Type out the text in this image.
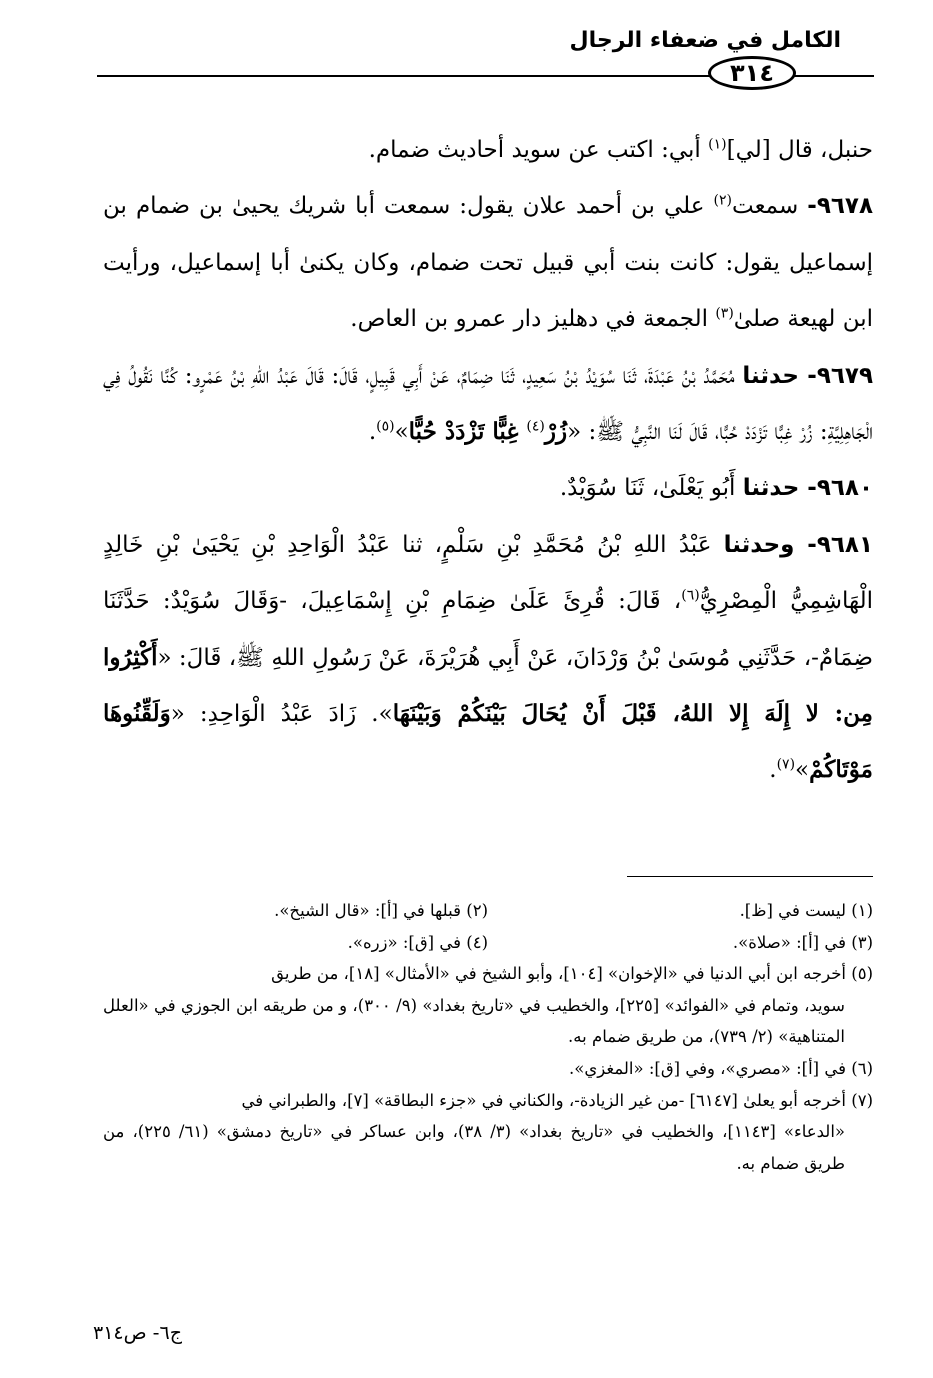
الكامل في ضعفاء الرجال
٣١٤

حنبل، قال [لي]$^{(١)}$ أبي: اكتب عن سويد أحاديث ضمام.

٩٦٧٨- سمعت$^{(٢)}$ علي بن أحمد علان يقول: سمعت أبا شريك يحيىٰ بن ضمام بن إسماعيل يقول: كانت بنت أبي قبيل تحت ضمام، وكان يكنىٰ أبا إسماعيل، ورأيت ابن لهيعة صلىٰ$^{(٣)}$ الجمعة في دهليز دار عمرو بن العاص.

٩٦٧٩- حدثنا مُحَمَّدُ بْنُ عَبْدَةَ، ثَنَا سُوَيْدُ بْنُ سَعِيدٍ، ثَنَا ضِمَامٌ، عَنْ أَبِي قَبِيلٍ، قَالَ: قَالَ عَبْدُ اللهِ بْنُ عَمْرٍو: كُنَّا نَقُولُ فِي الْجَاهِلِيَّةِ: زُرْ غِبًّا تَزْدَدْ حُبًّا، قَالَ لَنَا النَّبِيُّ ﷺ: «زُرْ$^{(٤)}$ غِبًّا تَزْدَدْ حُبًّا»$^{(٥)}$.

٩٦٨٠- حدثنا أَبُو يَعْلَىٰ، ثَنَا سُوَيْدٌ.

٩٦٨١- وحدثنا عَبْدُ اللهِ بْنُ مُحَمَّدِ بْنِ سَلْمٍ، ثنا عَبْدُ الْوَاحِدِ بْنِ يَحْيَىٰ بْنِ خَالِدٍ الْهَاشِمِيُّ الْمِصْرِيُّ$^{(٦)}$، قَالَ: قُرِئَ عَلَىٰ ضِمَامِ بْنِ إِسْمَاعِيلَ، -وَقَالَ سُوَيْدٌ: حَدَّثَنَا ضِمَامٌ-، حَدَّثَنِي مُوسَىٰ بْنُ وَرْدَانَ، عَنْ أَبِي هُرَيْرَةَ، عَنْ رَسُولِ اللهِ ﷺ، قَالَ: «أَكْثِرُوا مِن: لا إِلَهَ إِلا اللهُ، قَبْلَ أَنْ يُحَالَ بَيْنَكُمْ وَبَيْنَهَا». زَادَ عَبْدُ الْوَاحِدِ: «وَلَقِّنُوهَا مَوْتَاكُمْ»$^{(٧)}$.

(١) ليست في [ظ].
(٢) قبلها في [أ]: «قال الشيخ».
(٣) في [أ]: «صلاة».
(٤) في [ق]: «زره».

(٥) أخرجه ابن أبي الدنيا في «الإخوان» [١٠٤]، وأبو الشيخ في «الأمثال» [١٨]، من طريق
سويد، وتمام في «الفوائد» [٢٢٥]، والخطيب في «تاريخ بغداد» (٩/ ٣٠٠)، و من طريقه ابن الجوزي في «العلل المتناهية» (٢/ ٧٣٩)، من طريق ضمام به.

(٦) في [أ]: «مصري»، وفي [ق]: «المغزي».

(٧) أخرجه أبو يعلىٰ [٦١٤٧] -من غير الزيادة-، والكناني في «جزء البطاقة» [٧]، والطبراني في
«الدعاء» [١١٤٣]، والخطيب في «تاريخ بغداد» (٣/ ٣٨)، وابن عساكر في «تاريخ دمشق» (٦١/ ٢٢٥)، من طريق ضمام به.

ج٦- ص٣١٤
